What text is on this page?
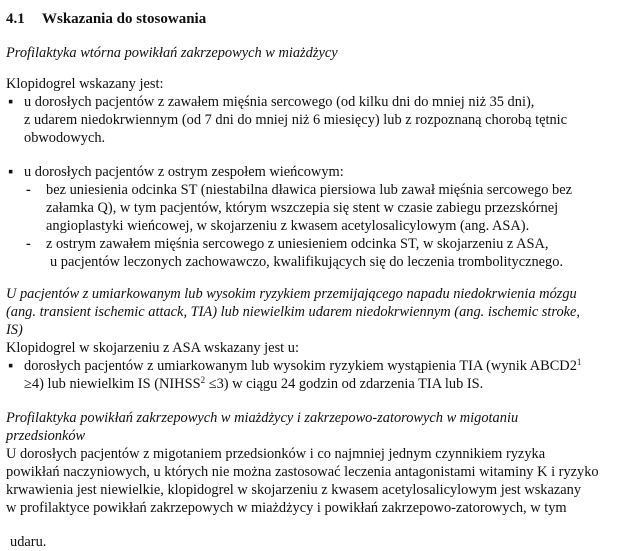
4.1	Wskazania do stosowania
Profilaktyka wtórna powikłań zakrzepowych w miażdżycy
Klopidogrel wskazany jest:
▪ u dorosłych pacjentów z zawałem mięśnia sercowego (od kilku dni do mniej niż 35 dni),
z udarem niedokrwiennym (od 7 dni do mniej niż 6 miesięcy) lub z rozpoznaną chorobą tętnic
obwodowych.
▪ u dorosłych pacjentów z ostrym zespołem wieńcowym:
-	bez uniesienia odcinka ST (niestabilna dławica piersiowa lub zawał mięśnia sercowego bez
załamka Q), w tym pacjentów, którym wszczepia się stent w czasie zabiegu przezskórnej
angioplastyki wieńcowej, w skojarzeniu z kwasem acetylosalicylowym (ang. ASA).
-	z ostrym zawałem mięśnia sercowego z uniesieniem odcinka ST, w skojarzeniu z ASA,
u pacjentów leczonych zachowawczo, kwalifikujących się do leczenia trombolitycznego.
U pacjentów z umiarkowanym lub wysokim ryzykiem przemijającego napadu niedokrwienia mózgu
(ang. transient ischemic attack, TIA) lub niewielkim udarem niedokrwiennym (ang. ischemic stroke,
IS)
Klopidogrel w skojarzeniu z ASA wskazany jest u:
▪ dorosłych pacjentów z umiarkowanym lub wysokim ryzykiem wystąpienia TIA (wynik $ABCD2^1$
≥4) lub niewielkim IS $(NIHSS^2 \le 3)$ w ciągu 24 godzin od zdarzenia TIA lub IS.
Profilaktyka powikłań zakrzepowych w miażdżycy i zakrzepowo-zatorowych w migotaniu
przedsionków
U dorosłych pacjentów z migotaniem przedsionków i co najmniej jednym czynnikiem ryzyka
powikłań naczyniowych, u których nie można zastosować leczenia antagonistami witaminy K i ryzyko
krwawienia jest niewielkie, klopidogrel w skojarzeniu z kwasem acetylosalicylowym jest wskazany
w profilaktyce powikłań zakrzepowych w miażdżycy i powikłań zakrzepowo-zatorowych, w tym
udaru.
